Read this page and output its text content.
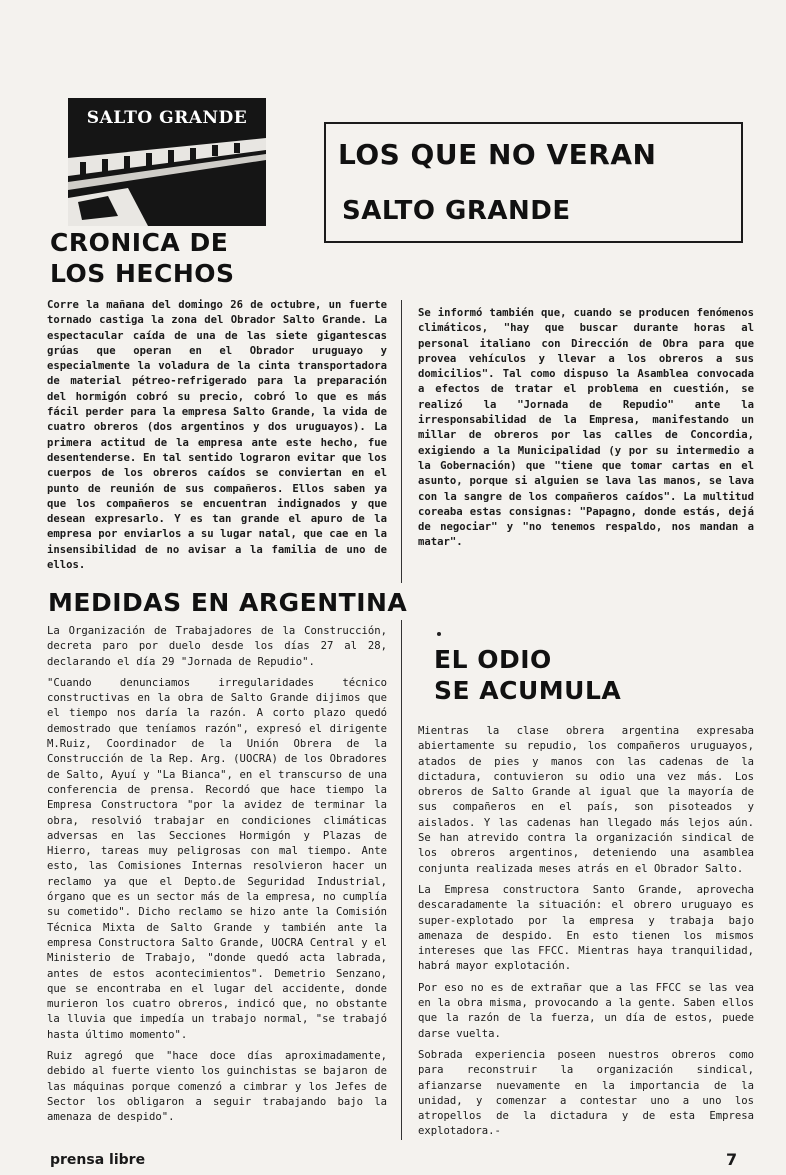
SALTO GRANDE
CRONICA DE
LOS HECHOS
LOS QUE NO VERAN
SALTO GRANDE

Corre la mañana del domingo 26 de octubre, un fuerte tornado castiga la zona del Obrador Salto Grande. La espectacular caída de una de las siete gigantescas grúas que operan en el Obrador uruguayo y especialmente la voladura de la cinta transportadora de material pétreo-refrigerado para la preparación del hormigón cobró su precio, cobró lo que es más fácil perder para la empresa Salto Grande, la vida de cuatro obreros (dos argentinos y dos uruguayos). La primera actitud de la empresa ante este hecho, fue desentenderse. En tal sentido lograron evitar que los cuerpos de los obreros caídos se conviertan en el punto de reunión de sus compañeros. Ellos saben ya que los compañeros se encuentran indignados y que desean expresarlo. Y es tan grande el apuro de la empresa por enviarlos a su lugar natal, que cae en la insensibilidad de no avisar a la familia de uno de ellos.

Se informó también que, cuando se producen fenómenos climáticos, "hay que buscar durante horas al personal italiano con Dirección de Obra para que provea vehículos y llevar a los obreros a sus domicilios". Tal como dispuso la Asamblea convocada a efectos de tratar el problema en cuestión, se realizó la "Jornada de Repudio" ante la irresponsabilidad de la Empresa, manifestando un millar de obreros por las calles de Concordia, exigiendo a la Municipalidad (y por su intermedio a la Gobernación) que "tiene que tomar cartas en el asunto, porque si alguien se lava las manos, se lava con la sangre de los compañeros caídos". La multitud coreaba estas consignas: "Papagno, donde estás, dejá de negociar" y "no tenemos respaldo, nos mandan a matar".

MEDIDAS EN ARGENTINA

La Organización de Trabajadores de la Construcción, decreta paro por duelo desde los días 27 al 28, declarando el día 29 "Jornada de Repudio".

"Cuando denunciamos irregularidades técnico constructivas en la obra de Salto Grande dijimos que el tiempo nos daría la razón. A corto plazo quedó demostrado que teníamos razón", expresó el dirigente M.Ruiz, Coordinador de la Unión Obrera de la Construcción de la Rep. Arg. (UOCRA) de los Obradores de Salto, Ayuí y "La Bianca", en el transcurso de una conferencia de prensa. Recordó que hace tiempo la Empresa Constructora "por la avidez de terminar la obra, resolvió trabajar en condiciones climáticas adversas en las Secciones Hormigón y Plazas de Hierro, tareas muy peligrosas con mal tiempo. Ante esto, las Comisiones Internas resolvieron hacer un reclamo ya que el Depto.de Seguridad Industrial, órgano que es un sector más de la empresa, no cumplía su cometido". Dicho reclamo se hizo ante la Comisión Técnica Mixta de Salto Grande y también ante la empresa Constructora Salto Grande, UOCRA Central y el Ministerio de Trabajo, "donde quedó acta labrada, antes de estos acontecimientos". Demetrio Senzano, que se encontraba en el lugar del accidente, donde murieron los cuatro obreros, indicó que, no obstante la lluvia que impedía un trabajo normal, "se trabajó hasta último momento".

Ruiz agregó que "hace doce días aproximadamente, debido al fuerte viento los guinchistas se bajaron de las máquinas porque comenzó a cimbrar y los Jefes de Sector los obligaron a seguir trabajando bajo la amenaza de despido".

EL ODIO
SE ACUMULA

Mientras la clase obrera argentina expresaba abiertamente su repudio, los compañeros uruguayos, atados de pies y manos con las cadenas de la dictadura, contuvieron su odio una vez más. Los obreros de Salto Grande al igual que la mayoría de sus compañeros en el país, son pisoteados y aislados. Y las cadenas han llegado más lejos aún. Se han atrevido contra la organización sindical de los obreros argentinos, deteniendo una asamblea conjunta realizada meses atrás en el Obrador Salto.

La Empresa constructora Santo Grande, aprovecha descaradamente la situación: el obrero uruguayo es super-explotado por la empresa y trabaja bajo amenaza de despido. En esto tienen los mismos intereses que las FFCC. Mientras haya tranquilidad, habrá mayor explotación.

Por eso no es de extrañar que a las FFCC se las vea en la obra misma, provocando a la gente. Saben ellos que la razón de la fuerza, un día de estos, puede darse vuelta.

Sobrada experiencia poseen nuestros obreros como para reconstruir la organización sindical, afianzarse nuevamente en la importancia de la unidad, y comenzar a contestar uno a uno los atropellos de la dictadura y de esta Empresa explotadora.-

prensa libre	7
